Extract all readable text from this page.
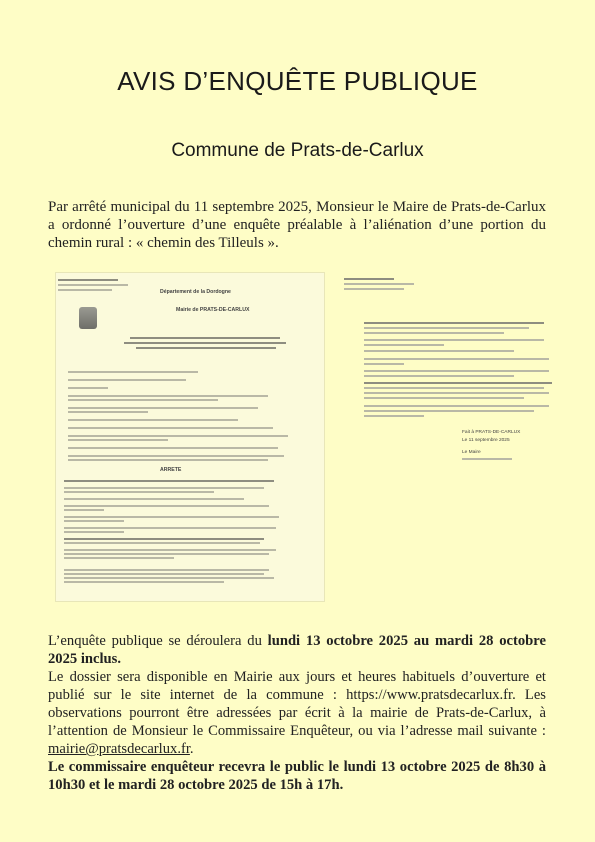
AVIS D’ENQUÊTE PUBLIQUE
Commune de Prats-de-Carlux
Par arrêté municipal du 11 septembre 2025, Monsieur le Maire de Prats-de-Carlux a ordonné l’ouverture d’une enquête préalable à l’aliénation d’une portion du chemin rural : « chemin des Tilleuls ».
Département de la Dordogne
Mairie de PRATS-DE-CARLUX
ARRETE
Fait à PRATS-DE-CARLUX
Le 11 septembre 2025
Le Maire

L’enquête publique se déroulera du lundi 13 octobre 2025 au mardi 28 octobre 2025 inclus.

Le dossier sera disponible en Mairie aux jours et heures habituels d’ouverture et publié sur le site internet de la commune : https://www.pratsdecarlux.fr. Les observations pourront être adressées par écrit à la mairie de Prats-de-Carlux, à l’attention de Monsieur le Commissaire Enquêteur, ou via l’adresse mail suivante : mairie@pratsdecarlux.fr.

Le commissaire enquêteur recevra le public le lundi 13 octobre 2025 de 8h30 à 10h30 et le mardi 28 octobre 2025 de 15h à 17h.
